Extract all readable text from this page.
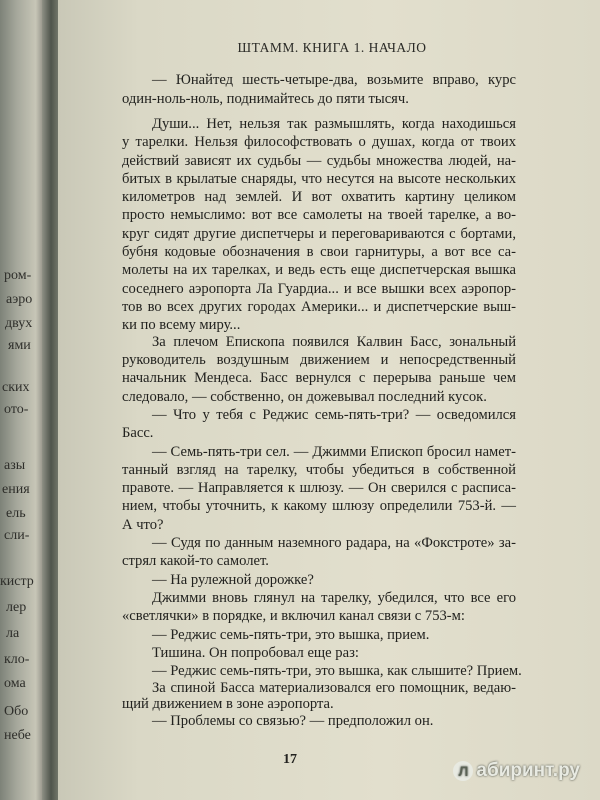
ром-
аэро
двух
ями
ских
ото-
азы
ения
ель
сли-
кистр
лер
ла
кло-
ома
Обо
небе
ШТАММ. КНИГА 1. НАЧАЛО
— Юнайтед шесть-четыре-два, возьмите вправо, курс
один-ноль-ноль, поднимайтесь до пяти тысяч.
Души... Нет, нельзя так размышлять, когда находишься
у тарелки. Нельзя философствовать о душах, когда от твоих
действий зависят их судьбы — судьбы множества людей, на-
битых в крылатые снаряды, что несутся на высоте нескольких
километров над землей. И вот охватить картину целиком
просто немыслимо: вот все самолеты на твоей тарелке, а во-
круг сидят другие диспетчеры и переговариваются с бортами,
бубня кодовые обозначения в свои гарнитуры, а вот все са-
молеты на их тарелках, и ведь есть еще диспетчерская вышка
соседнего аэропорта Ла Гуардиа... и все вышки всех аэропор-
тов во всех других городах Америки... и диспетчерские выш-
ки по всему миру...
За плечом Епископа появился Калвин Басс, зональный
руководитель воздушным движением и непосредственный
начальник Мендеса. Басс вернулся с перерыва раньше чем
следовало, — собственно, он дожевывал последний кусок.
— Что у тебя с Реджис семь-пять-три? — осведомился
Басс.
— Семь-пять-три сел. — Джимми Епископ бросил намет-
танный взгляд на тарелку, чтобы убедиться в собственной
правоте. — Направляется к шлюзу. — Он сверился с расписа-
нием, чтобы уточнить, к какому шлюзу определили 753-й. —
А что?
— Судя по данным наземного радара, на «Фокстроте» за-
стрял какой-то самолет.
— На рулежной дорожке?
Джимми вновь глянул на тарелку, убедился, что все его
«светлячки» в порядке, и включил канал связи с 753-м:
— Реджис семь-пять-три, это вышка, прием.
Тишина. Он попробовал еще раз:
— Реджис семь-пять-три, это вышка, как слышите? Прием.
За спиной Басса материализовался его помощник, ведаю-
щий движением в зоне аэропорта.
— Проблемы со связью? — предположил он.
17
Л абиринт.ру
